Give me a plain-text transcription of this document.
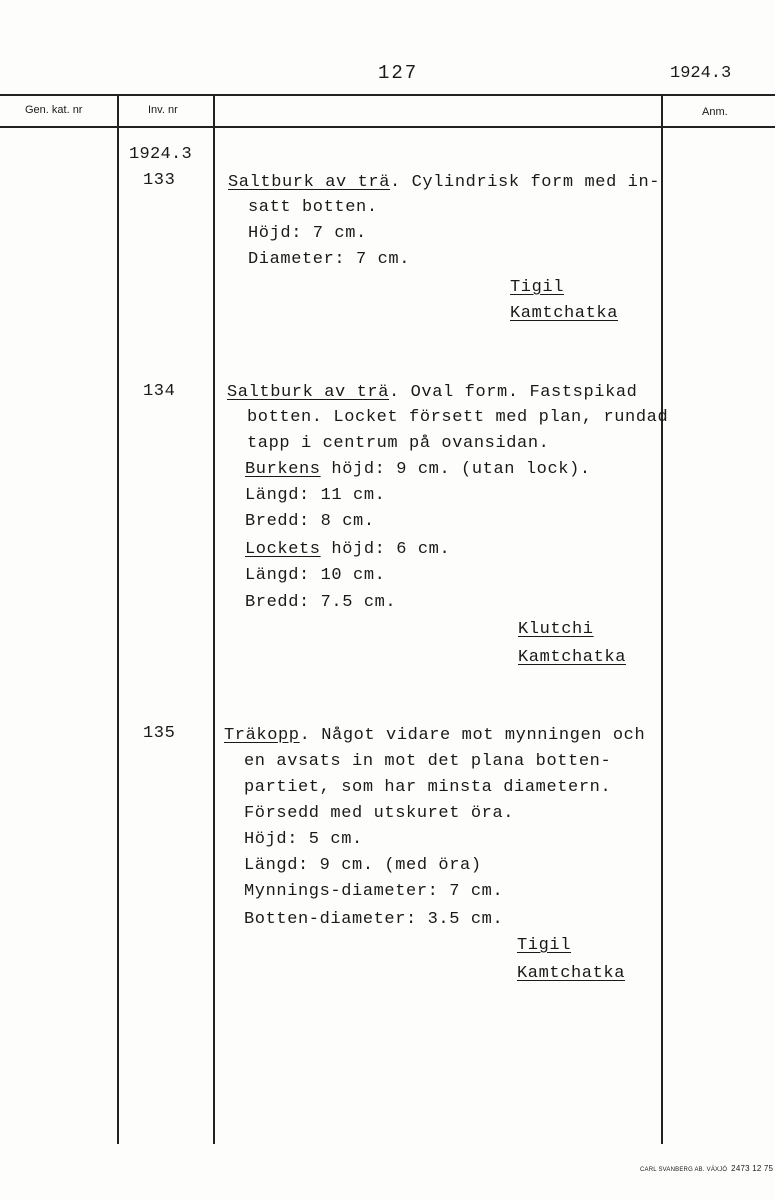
127	1924.3
Gen. kat. nr	Inv. nr	Anm.
1924.3
133	Saltburk av trä. Cylindrisk form med in-
satt botten.
Höjd: 7 cm.
Diameter: 7 cm.
Tigil
Kamtchatka
134	Saltburk av trä. Oval form. Fastspikad
botten. Locket försett med plan, rundad
tapp i centrum på ovansidan.
Burkens höjd: 9 cm. (utan lock).
Längd: 11 cm.
Bredd: 8 cm.
Lockets höjd: 6 cm.
Längd: 10 cm.
Bredd: 7.5 cm.
Klutchi
Kamtchatka
135	Träkopp. Något vidare mot mynningen och
en avsats in mot det plana botten-
partiet, som har minsta diametern.
Försedd med utskuret öra.
Höjd: 5 cm.
Längd: 9 cm. (med öra)
Mynnings-diameter: 7 cm.
Botten-diameter: 3.5 cm.
Tigil
Kamtchatka
CARL SVANBERG AB. VÄXJÖ 2473 12 75
